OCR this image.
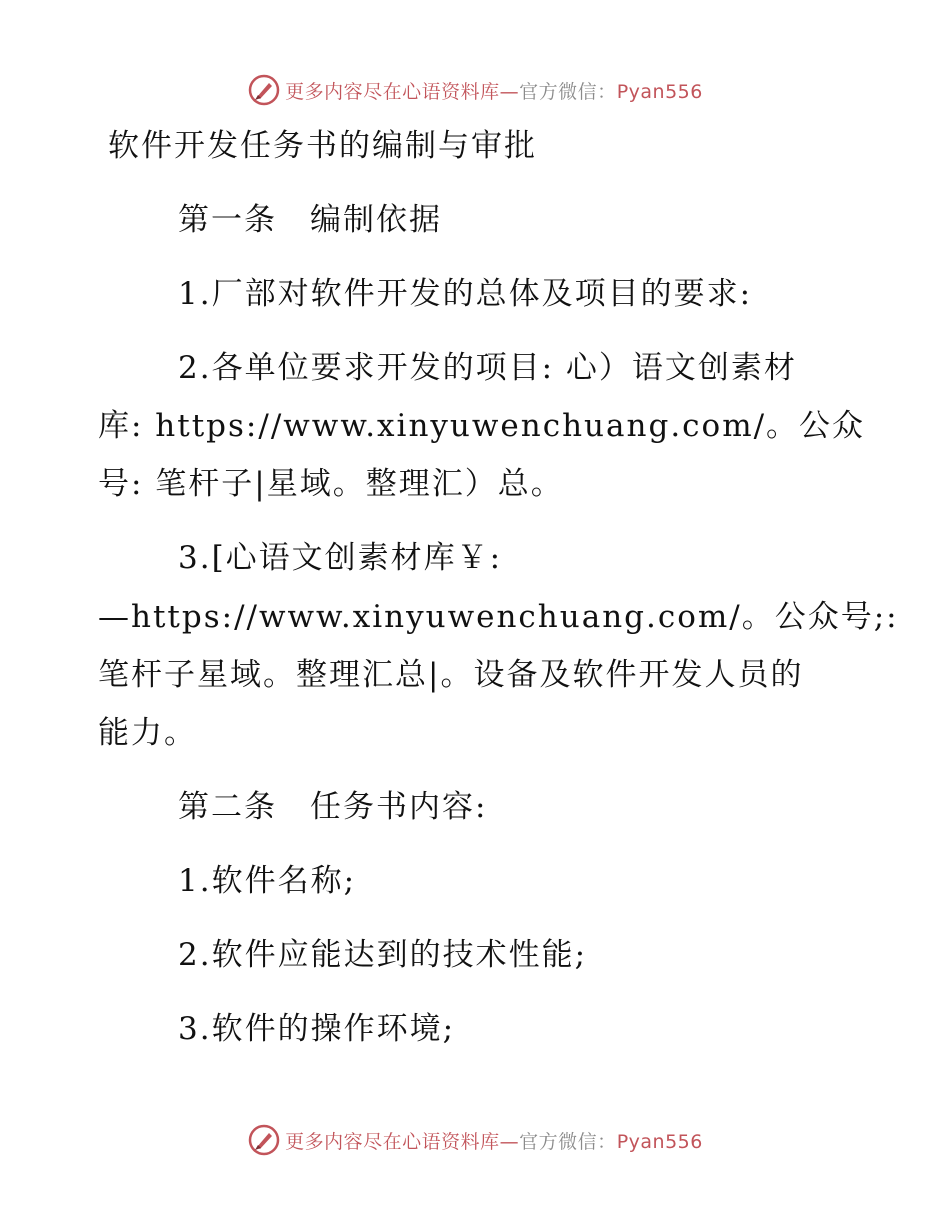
更多内容尽在心语资料库—官方微信：Pyan556
软件开发任务书的编制与审批
第一条　编制依据
1.厂部对软件开发的总体及项目的要求:
2.各单位要求开发的项目: 心）语文创素材
库: https://www.xinyuwenchuang.com/。公众
号: 笔杆子|星域。整理汇）总。
3.[心语文创素材库￥:
—https://www.xinyuwenchuang.com/。公众号;:
笔杆子星域。整理汇总|。设备及软件开发人员的
能力。
第二条　任务书内容:
1.软件名称;
2.软件应能达到的技术性能;
3.软件的操作环境;
更多内容尽在心语资料库—官方微信：Pyan556
